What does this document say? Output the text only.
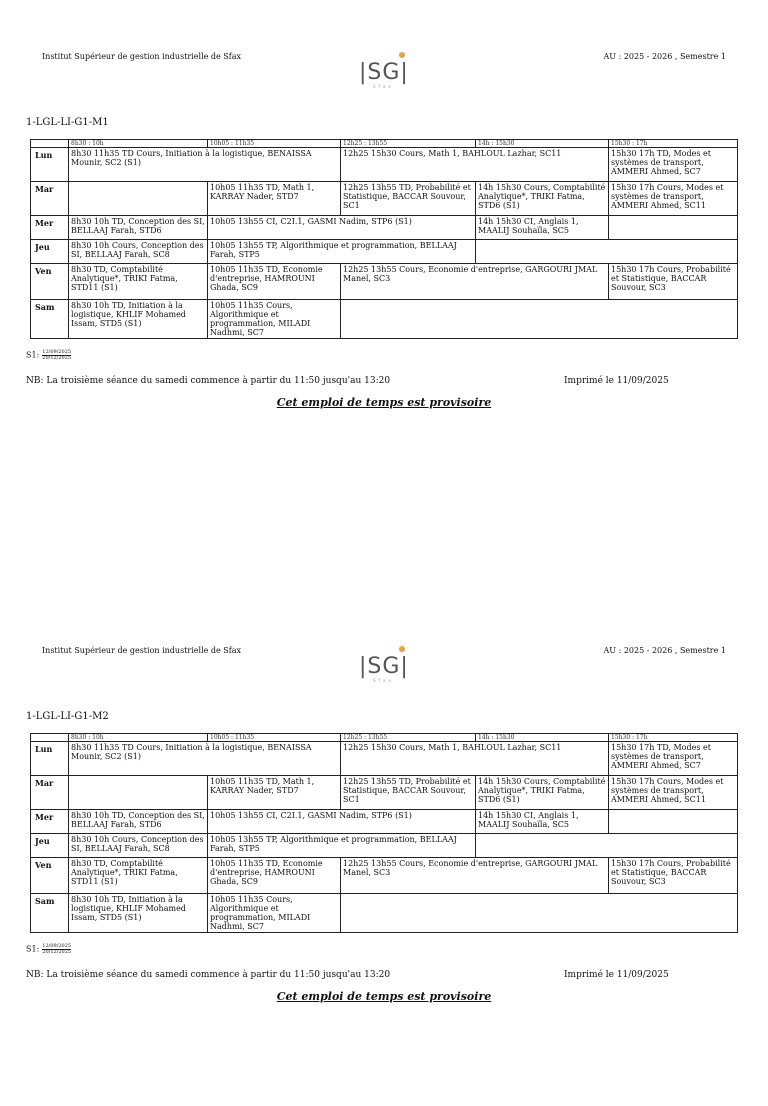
Institut Supérieur de gestion industrielle de Sfax	AU : 2025 - 2026 , Semestre 1
|SG|
Sfax
1-LGL-LI-G1-M1
	8h30 : 10h	10h05 : 11h35	12h25 : 13h55	14h : 15h30	15h30 : 17h
Lun	8h30 11h35 TD Cours, Initiation à la logistique, BENAISSA Mounir, SC2 (S1)		12h25 15h30 Cours, Math 1, BAHLOUL Lazhar, SC11		15h30 17h TD, Modes et systèmes de transport, AMMERI Ahmed, SC7
Mar		10h05 11h35 TD, Math 1, KARRAY Nader, STD7	12h25 13h55 TD, Probabilité et Statistique, BACCAR Souvour, SC1	14h 15h30 Cours, Comptabilité Analytique*, TRIKI Fatma, STD6 (S1)	15h30 17h Cours, Modes et systèmes de transport, AMMERI Ahmed, SC11
Mer	8h30 10h TD, Conception des SI, BELLAAJ Farah, STD6	10h05 13h55 CI, C2I.1, GASMI Nadim, STP6 (S1)		14h 15h30 CI, Anglais 1, MAALIJ Souhaïla, SC5	
Jeu	8h30 10h Cours, Conception des SI, BELLAAJ Farah, SC8	10h05 13h55 TP, Algorithmique et programmation, BELLAAJ Farah, STP5			
Ven	8h30 TD, Comptabilité Analytique*, TRIKI Fatma, STD11 (S1)	10h05 11h35 TD, Economie d'entreprise, HAMROUNI Ghada, SC9	12h25 13h55 Cours, Economie d'entreprise, GARGOURI JMAL Manel, SC3		15h30 17h Cours, Probabilité et Statistique, BACCAR Souvour, SC3
Sam	8h30 10h TD, Initiation à la logistique, KHLIF Mohamed Issam, STD5 (S1)	10h05 11h35 Cours, Algorithmique et programmation, MILADI Nadhmi, SC7			
S1: $\frac{12/09/2025}{20/12/2025}$
NB: La troisième séance du samedi commence à partir du 11:50 jusqu'au 13:20	Imprimé le 11/09/2025
Cet emploi de temps est provisoire
Institut Supérieur de gestion industrielle de Sfax	AU : 2025 - 2026 , Semestre 1
|SG|
Sfax
1-LGL-LI-G1-M2
	8h30 : 10h	10h05 : 11h35	12h25 : 13h55	14h : 15h30	15h30 : 17h
Lun	8h30 11h35 TD Cours, Initiation à la logistique, BENAISSA Mounir, SC2 (S1)		12h25 15h30 Cours, Math 1, BAHLOUL Lazhar, SC11		15h30 17h TD, Modes et systèmes de transport, AMMERI Ahmed, SC7
Mar		10h05 11h35 TD, Math 1, KARRAY Nader, STD7	12h25 13h55 TD, Probabilité et Statistique, BACCAR Souvour, SC1	14h 15h30 Cours, Comptabilité Analytique*, TRIKI Fatma, STD6 (S1)	15h30 17h Cours, Modes et systèmes de transport, AMMERI Ahmed, SC11
Mer	8h30 10h TD, Conception des SI, BELLAAJ Farah, STD6	10h05 13h55 CI, C2I.1, GASMI Nadim, STP6 (S1)		14h 15h30 CI, Anglais 1, MAALIJ Souhaïla, SC5	
Jeu	8h30 10h Cours, Conception des SI, BELLAAJ Farah, SC8	10h05 13h55 TP, Algorithmique et programmation, BELLAAJ Farah, STP5			
Ven	8h30 TD, Comptabilité Analytique*, TRIKI Fatma, STD11 (S1)	10h05 11h35 TD, Economie d'entreprise, HAMROUNI Ghada, SC9	12h25 13h55 Cours, Economie d'entreprise, GARGOURI JMAL Manel, SC3		15h30 17h Cours, Probabilité et Statistique, BACCAR Souvour, SC3
Sam	8h30 10h TD, Initiation à la logistique, KHLIF Mohamed Issam, STD5 (S1)	10h05 11h35 Cours, Algorithmique et programmation, MILADI Nadhmi, SC7			
S1: $\frac{12/09/2025}{20/12/2025}$
NB: La troisième séance du samedi commence à partir du 11:50 jusqu'au 13:20	Imprimé le 11/09/2025
Cet emploi de temps est provisoire
